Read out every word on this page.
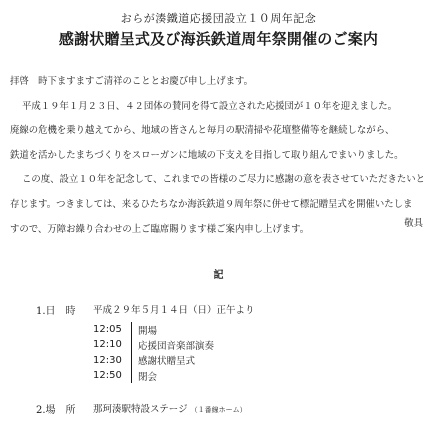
おらが湊鐵道応援団設立１０周年記念
感謝状贈呈式及び海浜鉄道周年祭開催のご案内
拝啓　時下ますますご清祥のこととお慶び申し上げます。
平成１９年１月２３日、４２団体の賛同を得て設立された応援団が１０年を迎えました。
廃線の危機を乗り越えてから、地域の皆さんと毎月の駅清掃や花壇整備等を継続しながら、
鉄道を活かしたまちづくりをスローガンに地域の下支えを目指して取り組んでまいりました。
この度、設立１０年を記念して、これまでの皆様のご尽力に感謝の意を表させていただきたいと
存じます。つきましては、来るひたちなか海浜鉄道９周年祭に併せて標記贈呈式を開催いたしま
すので、万障お繰り合わせの上ご臨席賜ります様ご案内申し上げます。
敬具
記
1.日　時 平成２９年５月１４日（日）正午より
12:05	開場
12:10	応援団音楽部演奏
12:30	感謝状贈呈式
12:50	閉会
2.場　所 那珂湊駅特設ステージ （１番線ホーム）
